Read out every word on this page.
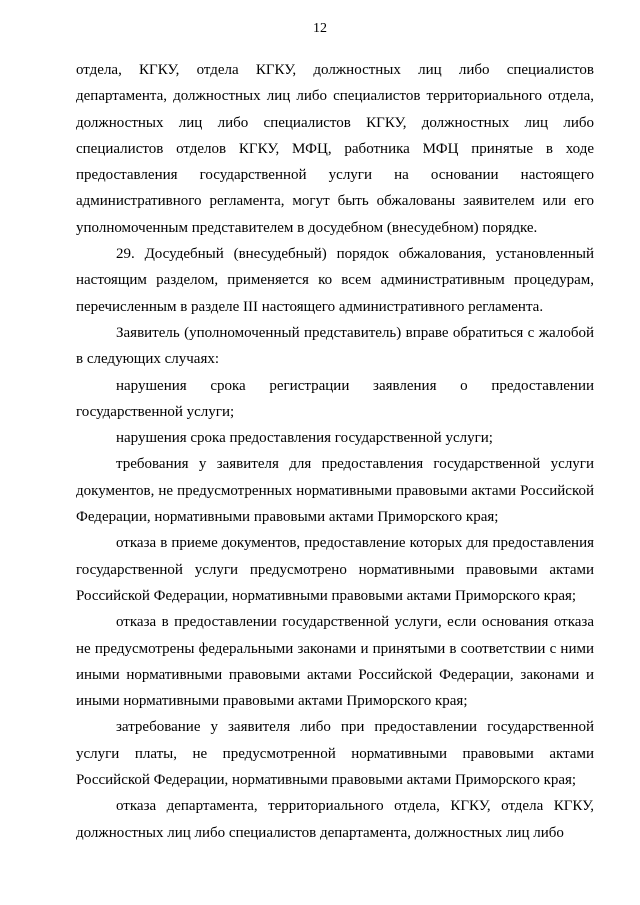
12

отдела, КГКУ, отдела КГКУ, должностных лиц либо специалистов департамента, должностных лиц либо специалистов территориального отдела, должностных лиц либо специалистов КГКУ, должностных лиц либо специалистов отделов КГКУ, МФЦ, работника МФЦ принятые в ходе предоставления государственной услуги на основании настоящего административного регламента, могут быть обжалованы заявителем или его уполномоченным представителем в досудебном (внесудебном) порядке.

29. Досудебный (внесудебный) порядок обжалования, установленный настоящим разделом, применяется ко всем административным процедурам, перечисленным в разделе III настоящего административного регламента.

Заявитель (уполномоченный представитель) вправе обратиться с жалобой в следующих случаях:

нарушения срока регистрации заявления о предоставлении государственной услуги;

нарушения срока предоставления государственной услуги;

требования у заявителя для предоставления государственной услуги документов, не предусмотренных нормативными правовыми актами Российской Федерации, нормативными правовыми актами Приморского края;

отказа в приеме документов, предоставление которых для предоставления государственной услуги предусмотрено нормативными правовыми актами Российской Федерации, нормативными правовыми актами Приморского края;

отказа в предоставлении государственной услуги, если основания отказа не предусмотрены федеральными законами и принятыми в соответствии с ними иными нормативными правовыми актами Российской Федерации, законами и иными нормативными правовыми актами Приморского края;

затребование у заявителя либо при предоставлении государственной услуги платы, не предусмотренной нормативными правовыми актами Российской Федерации, нормативными правовыми актами Приморского края;

отказа департамента, территориального отдела, КГКУ, отдела КГКУ, должностных лиц либо специалистов департамента, должностных лиц либо
